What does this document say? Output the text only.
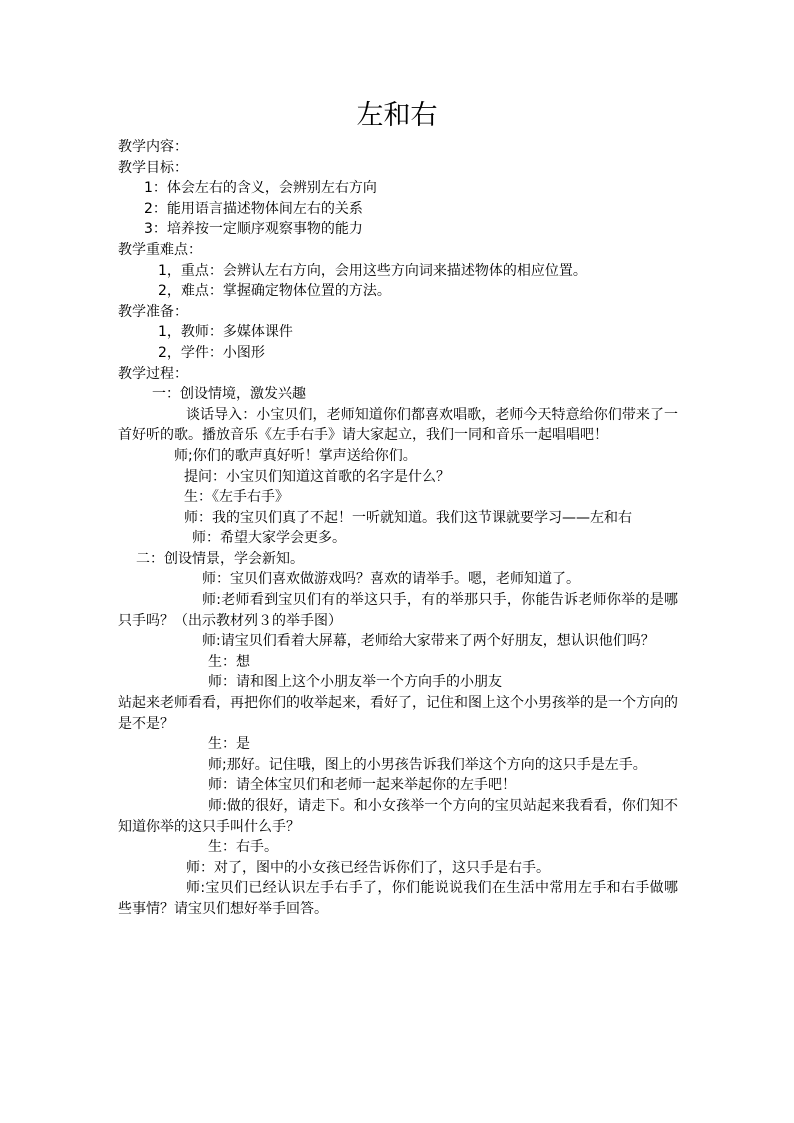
左和右
教学内容：
教学目标：
1：体会左右的含义，会辨别左右方向
2：能用语言描述物体间左右的关系
3：培养按一定顺序观察事物的能力
教学重难点：
1，重点：会辨认左右方向，会用这些方向词来描述物体的相应位置。
2，难点：掌握确定物体位置的方法。
教学准备：
1，教师：多媒体课件
2，学件：小图形
教学过程：
一：创设情境，激发兴趣

谈话导入：小宝贝们，老师知道你们都喜欢唱歌，老师今天特意给你们带来了一首好听的歌。播放音乐《左手右手》请大家起立，我们一同和音乐一起唱唱吧！

师;你们的歌声真好听！掌声送给你们。
提问：小宝贝们知道这首歌的名字是什么？
生：《左手右手》

师：我的宝贝们真了不起！一听就知道。我们这节课就要学习——左和右

师：希望大家学会更多。
二：创设情景，学会新知。
师：宝贝们喜欢做游戏吗？喜欢的请举手。嗯，老师知道了。

师:老师看到宝贝们有的举这只手，有的举那只手，你能告诉老师你举的是哪只手吗？（出示教材列３的举手图）

师:请宝贝们看着大屏幕，老师给大家带来了两个好朋友，想认识他们吗？

生：想
师：请和图上这个小朋友举一个方向手的小朋友

站起来老师看看，再把你们的收举起来，看好了，记住和图上这个小男孩举的是一个方向的是不是？

生：是

师;那好。记住哦，图上的小男孩告诉我们举这个方向的这只手是左手。

师：请全体宝贝们和老师一起来举起你的左手吧！

师:做的很好，请走下。和小女孩举一个方向的宝贝站起来我看看，你们知不知道你举的这只手叫什么手？

生：右手。
师：对了，图中的小女孩已经告诉你们了，这只手是右手。

师:宝贝们已经认识左手右手了，你们能说说我们在生活中常用左手和右手做哪些事情？请宝贝们想好举手回答。
